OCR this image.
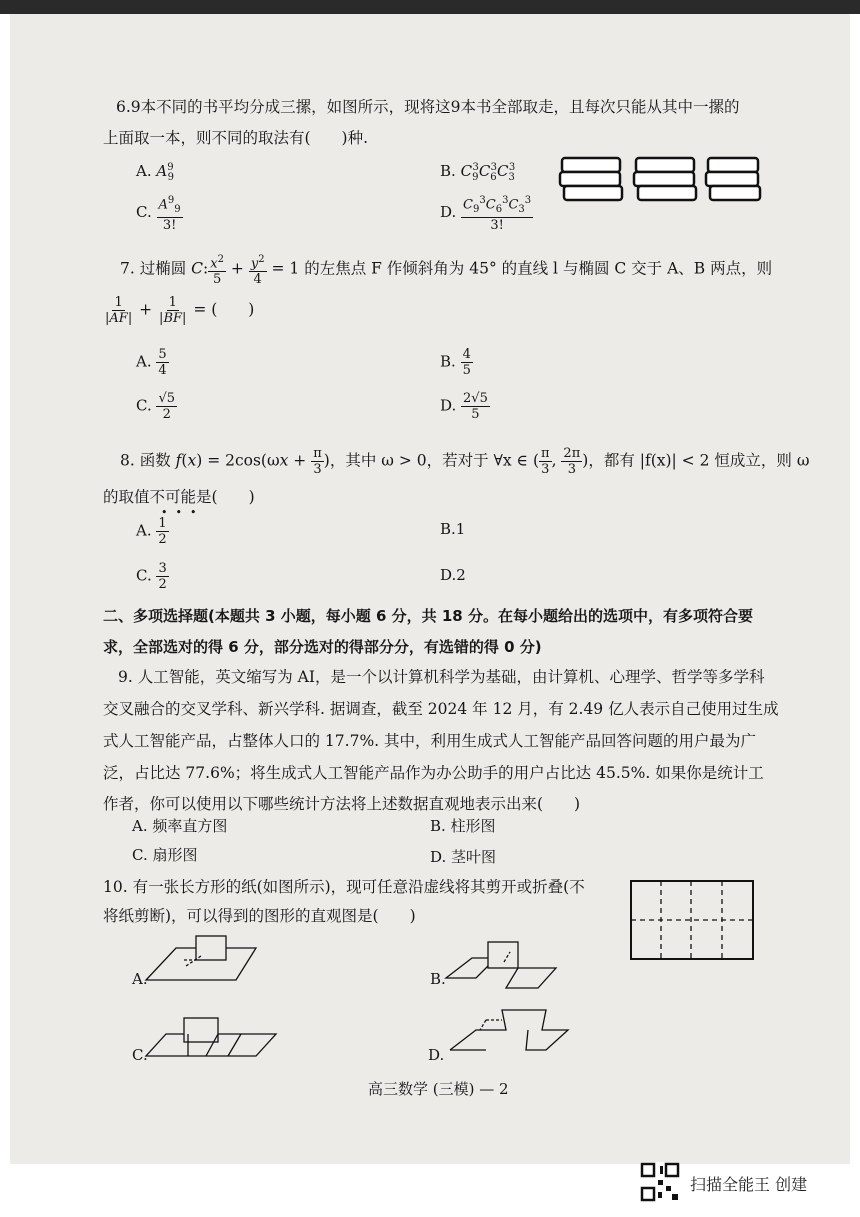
6.9本不同的书平均分成三摞，如图所示，现将这9本书全部取走，且每次只能从其中一摞的
上面取一本，则不同的取法有(　　)种.
A. $A^9_9$	B. $C_9^3C_6^3C_3^3$
C. $\frac{A^9_9}{3!}$	D. $\frac{C_9^3C_6^3C_3^3}{3!}$
7. 过椭圆 C: $\frac{x^2}{5} + \frac{y^2}{4} = 1$ 的左焦点 F 作倾斜角为 45° 的直线 l 与椭圆 C 交于 A、B 两点，则
$\frac{1}{|AF|} + \frac{1}{|BF|}$ = (　　)
A. $\frac{5}{4}$	B. $\frac{4}{5}$
C. $\frac{√5}{2}$	D. $\frac{2√5}{5}$
8. 函数 $f(x) = 2\cos(\omega x + \frac{\pi}{3}$ )，其中 ω > 0，若对于 ∀x ∈ ( $\frac{\pi}{3}$ , $\frac{2\pi}{3}$ )，都有 |f(x)| < 2 恒成立，则 ω
的取值不可能
•••
是(　　)
A. $\frac{1}{2}$	B.1
C. $\frac{3}{2}$	D.2
二、多项选择题(本题共 3 小题，每小题 6 分，共 18 分。在每小题给出的选项中，有多项符合要
求，全部选对的得 6 分，部分选对的得部分分，有选错的得 0 分)
9. 人工智能，英文缩写为 AI，是一个以计算机科学为基础，由计算机、心理学、哲学等多学科
交叉融合的交叉学科、新兴学科. 据调查，截至 2024 年 12 月，有 2.49 亿人表示自己使用过生成
式人工智能产品，占整体人口的 17.7%. 其中，利用生成式人工智能产品回答问题的用户最为广
泛，占比达 77.6%；将生成式人工智能产品作为办公助手的用户占比达 45.5%. 如果你是统计工
作者，你可以使用以下哪些统计方法将上述数据直观地表示出来(　　)
A. 频率直方图	B. 柱形图
C. 扇形图	D. 茎叶图
10. 有一张长方形的纸(如图所示)，现可任意沿虚线将其剪开或折叠(不
将纸剪断)，可以得到的图形的直观图是(　　)
A.	B.
C.	D.
高三数学 (三模) — 2
扫描全能王 创建
